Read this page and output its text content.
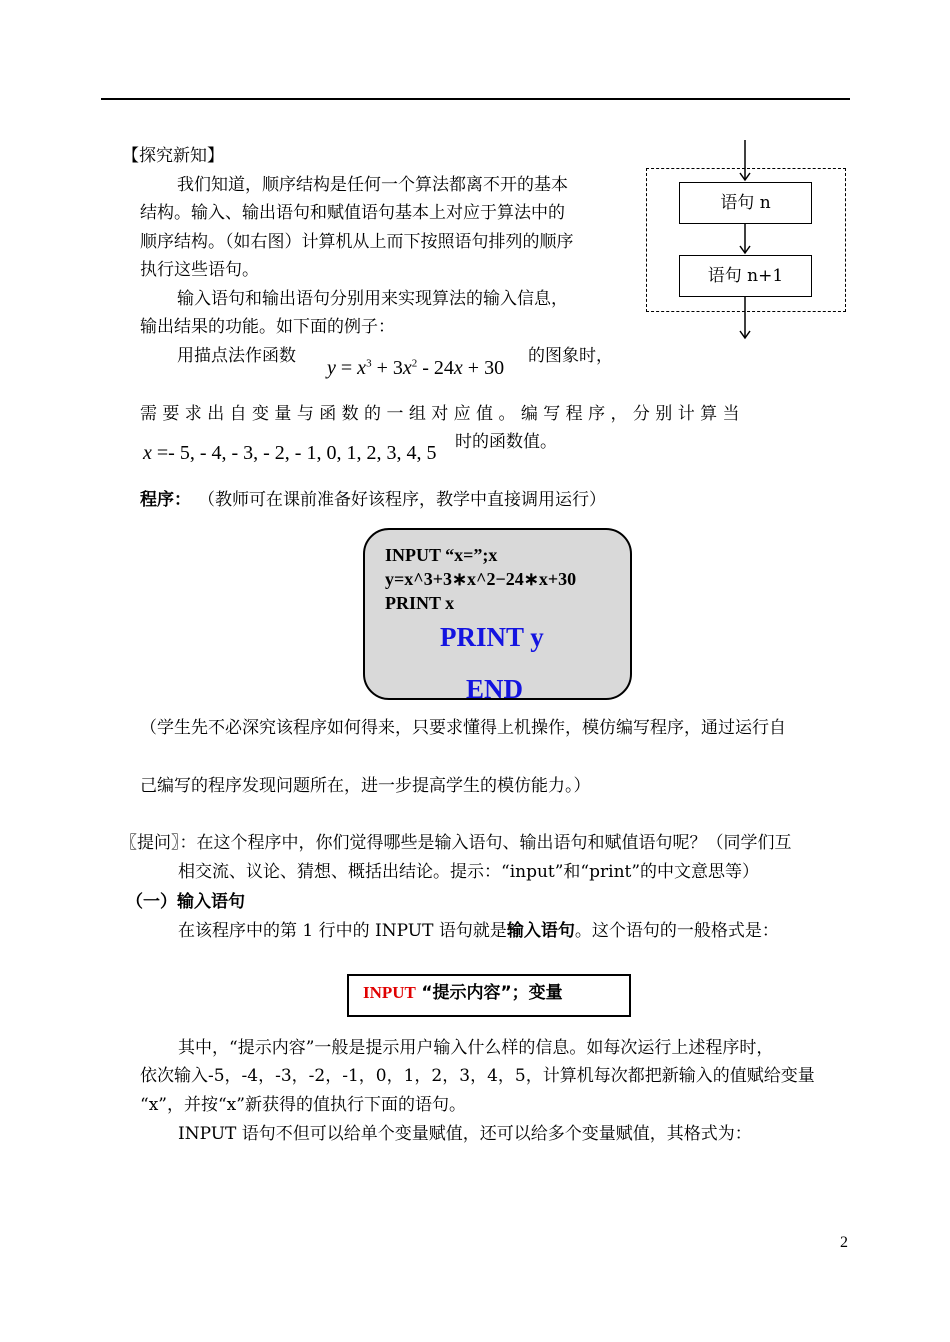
【探究新知】
我们知道，顺序结构是任何一个算法都离不开的基本
结构。输入、输出语句和赋值语句基本上对应于算法中的
顺序结构。（如右图）计算机从上而下按照语句排列的顺序
执行这些语句。
输入语句和输出语句分别用来实现算法的输入信息，
输出结果的功能。如下面的例子：
用描点法作函数
$y = x^3 + 3x^2 - 24x + 30$
的图象时，
需 要 求 出 自 变 量 与 函 数 的 一 组 对 应 值 。 编 写 程 序 ， 分 别 计 算 当
x =- 5, - 4, - 3, - 2, - 1, 0, 1, 2, 3, 4, 5 时的函数值。
语句 n
语句 n+1
程序： （教师可在课前准备好该程序，教学中直接调用运行）
INPUT “x=”;x
y=x^3+3∗x^2−24∗x+30
PRINT x
PRINT y
END
（学生先不必深究该程序如何得来，只要求懂得上机操作，模仿编写程序，通过运行自
己编写的程序发现问题所在，进一步提高学生的模仿能力。）
〖提问〗：在这个程序中，你们觉得哪些是输入语句、输出语句和赋值语句呢？（同学们互
相交流、议论、猜想、概括出结论。提示：“input”和“print”的中文意思等）
（一）输入语句
在该程序中的第 1 行中的 INPUT 语句就是输入语句。这个语句的一般格式是：
INPUT “提示内容”；变量
其中，“提示内容”一般是提示用户输入什么样的信息。如每次运行上述程序时，
依次输入-5，-4，-3，-2，-1，0，1，2，3，4，5，计算机每次都把新输入的值赋给变量
“x”，并按“x”新获得的值执行下面的语句。
INPUT 语句不但可以给单个变量赋值，还可以给多个变量赋值，其格式为：
2
